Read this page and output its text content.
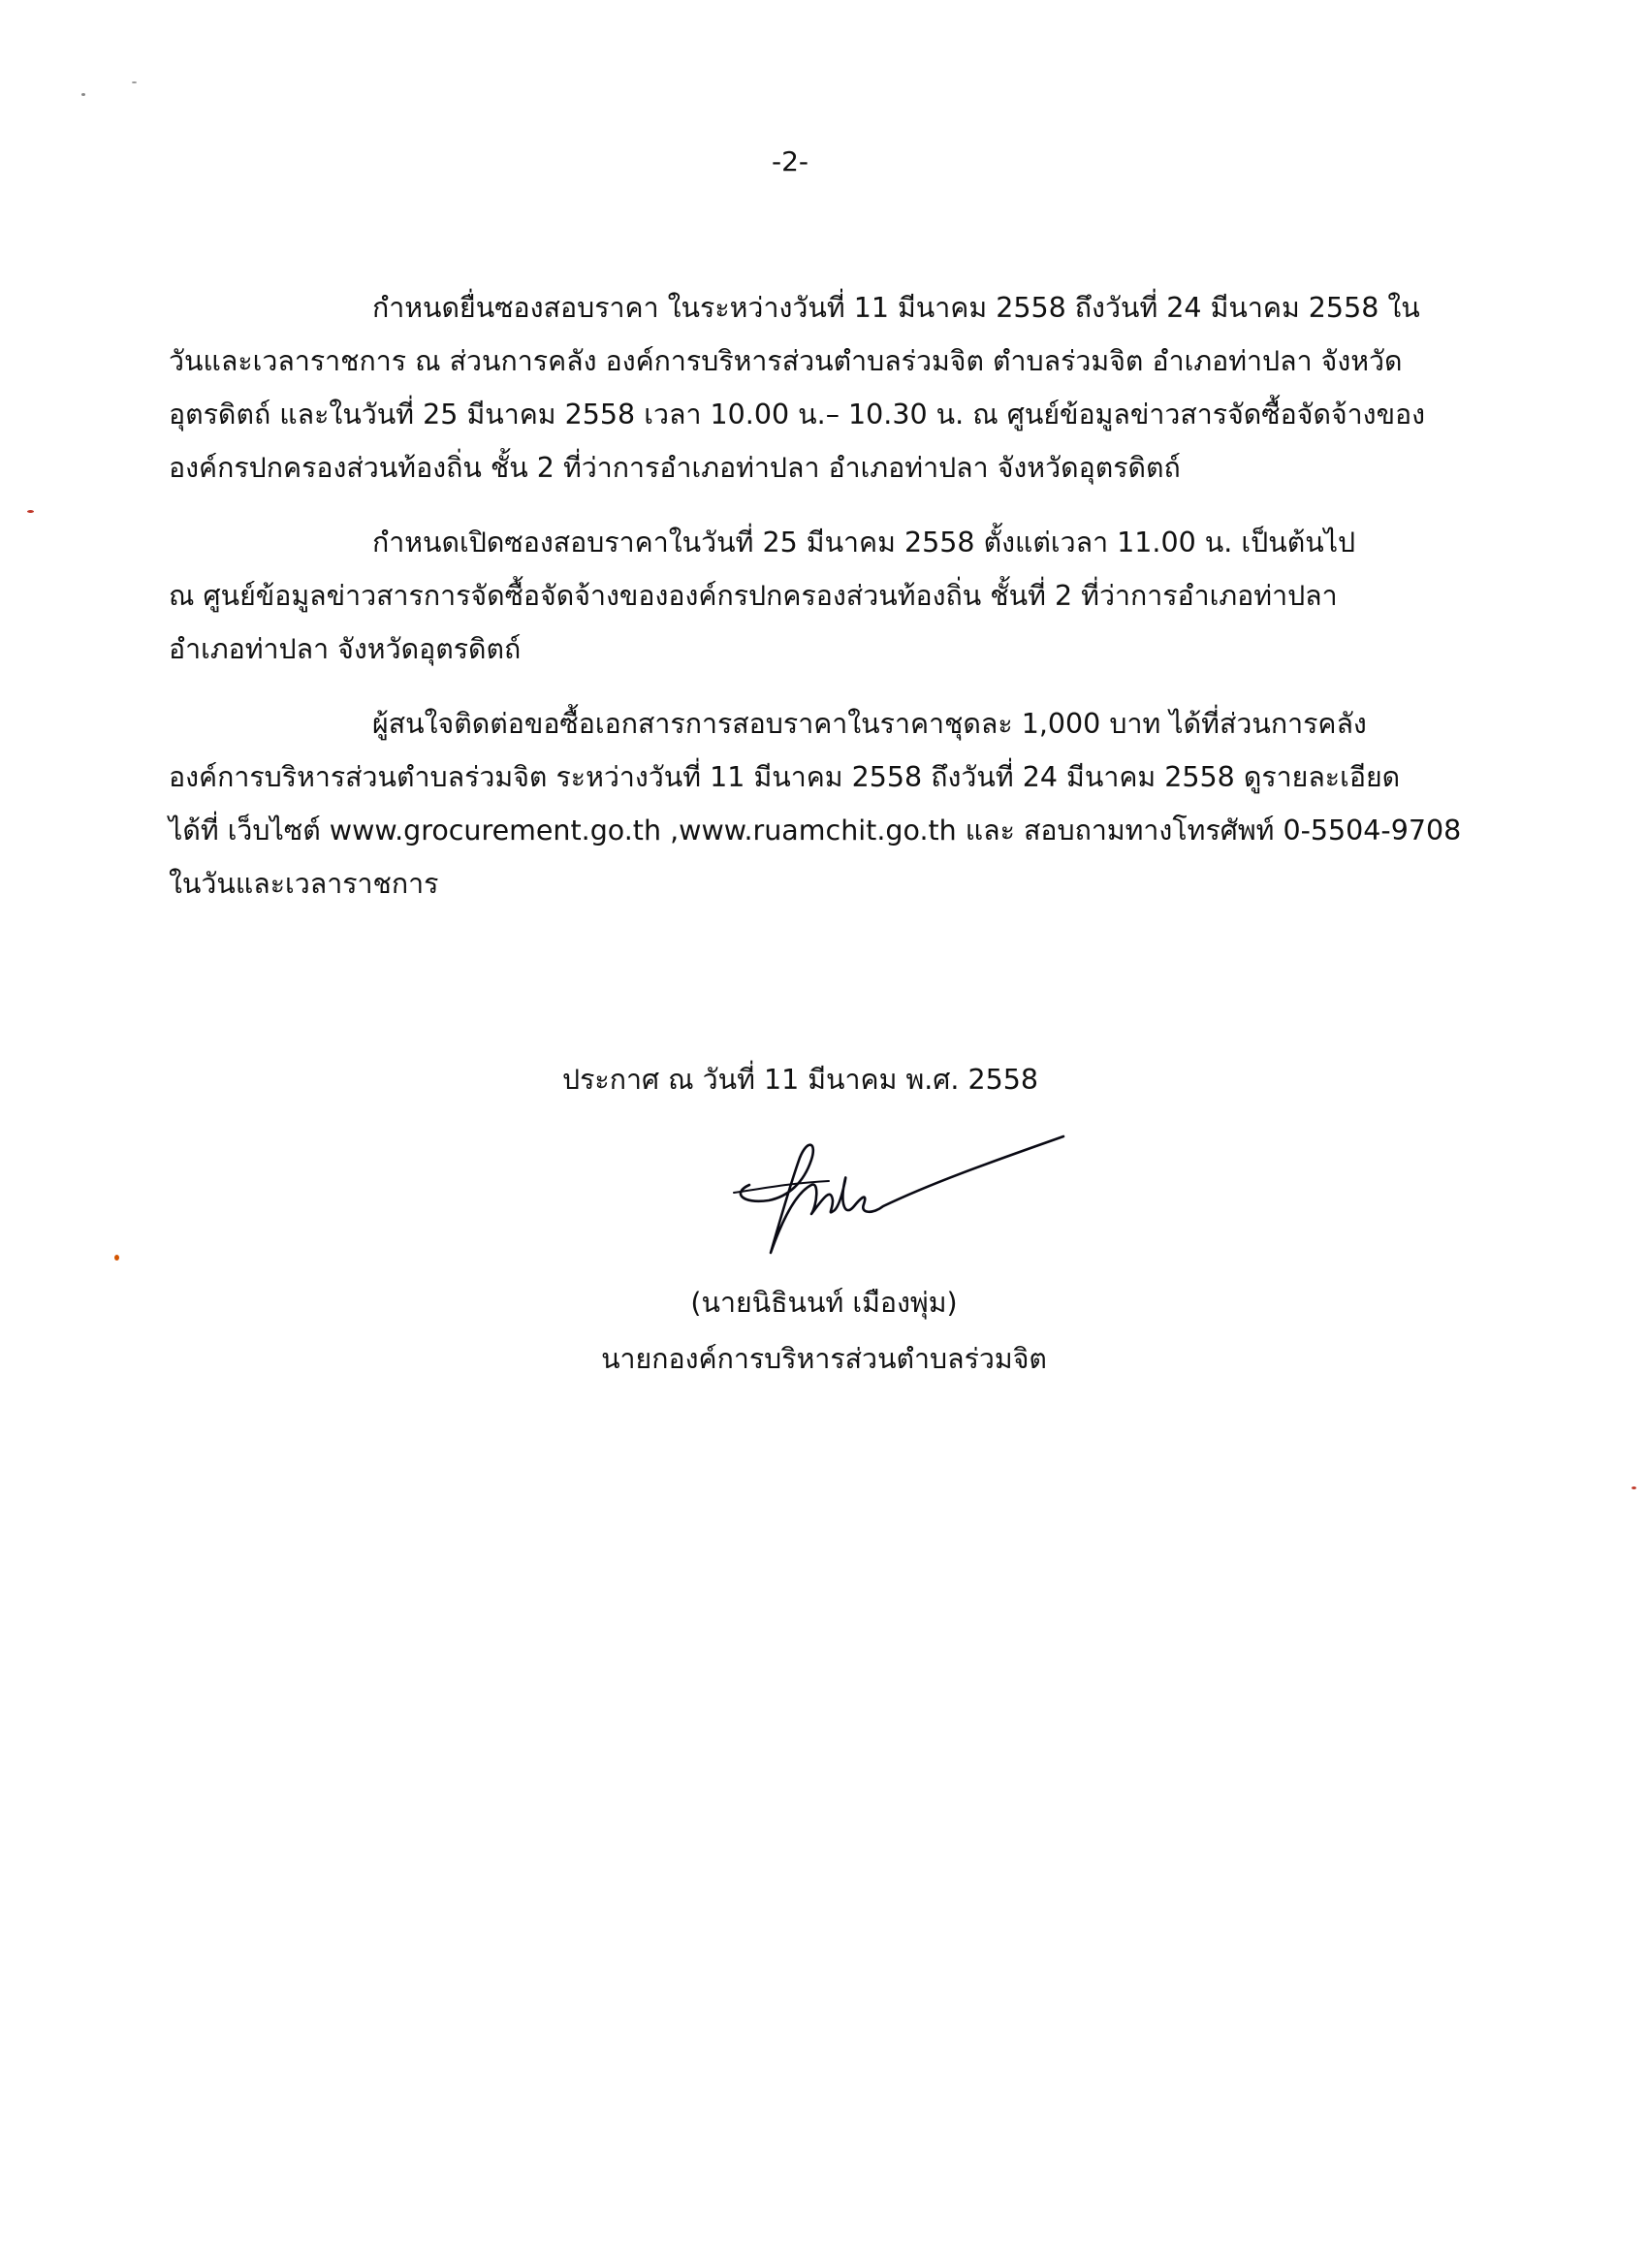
-2-

กำหนดยื่นซองสอบราคา ในระหว่างวันที่ 11 มีนาคม 2558 ถึงวันที่ 24 มีนาคม 2558 ใน
วันและเวลาราชการ ณ ส่วนการคลัง องค์การบริหารส่วนตำบลร่วมจิต ตำบลร่วมจิต อำเภอท่าปลา จังหวัด
อุตรดิตถ์ และในวันที่ 25 มีนาคม 2558 เวลา 10.00 น.– 10.30 น. ณ ศูนย์ข้อมูลข่าวสารจัดซื้อจัดจ้างของ
องค์กรปกครองส่วนท้องถิ่น ชั้น 2 ที่ว่าการอำเภอท่าปลา อำเภอท่าปลา จังหวัดอุตรดิตถ์

กำหนดเปิดซองสอบราคาในวันที่ 25 มีนาคม 2558 ตั้งแต่เวลา 11.00 น. เป็นต้นไป
ณ ศูนย์ข้อมูลข่าวสารการจัดซื้อจัดจ้างขององค์กรปกครองส่วนท้องถิ่น ชั้นที่ 2 ที่ว่าการอำเภอท่าปลา
อำเภอท่าปลา จังหวัดอุตรดิตถ์

ผู้สนใจติดต่อขอซื้อเอกสารการสอบราคาในราคาชุดละ 1,000 บาท ได้ที่ส่วนการคลัง
องค์การบริหารส่วนตำบลร่วมจิต ระหว่างวันที่ 11 มีนาคม 2558 ถึงวันที่ 24 มีนาคม 2558 ดูรายละเอียด
ได้ที่ เว็บไซต์ www.grocurement.go.th ,www.ruamchit.go.th และ สอบถามทางโทรศัพท์ 0-5504-9708
ในวันและเวลาราชการ

ประกาศ ณ วันที่ 11 มีนาคม พ.ศ. 2558
(นายนิธินนท์ เมืองพุ่ม)
นายกองค์การบริหารส่วนตำบลร่วมจิต
